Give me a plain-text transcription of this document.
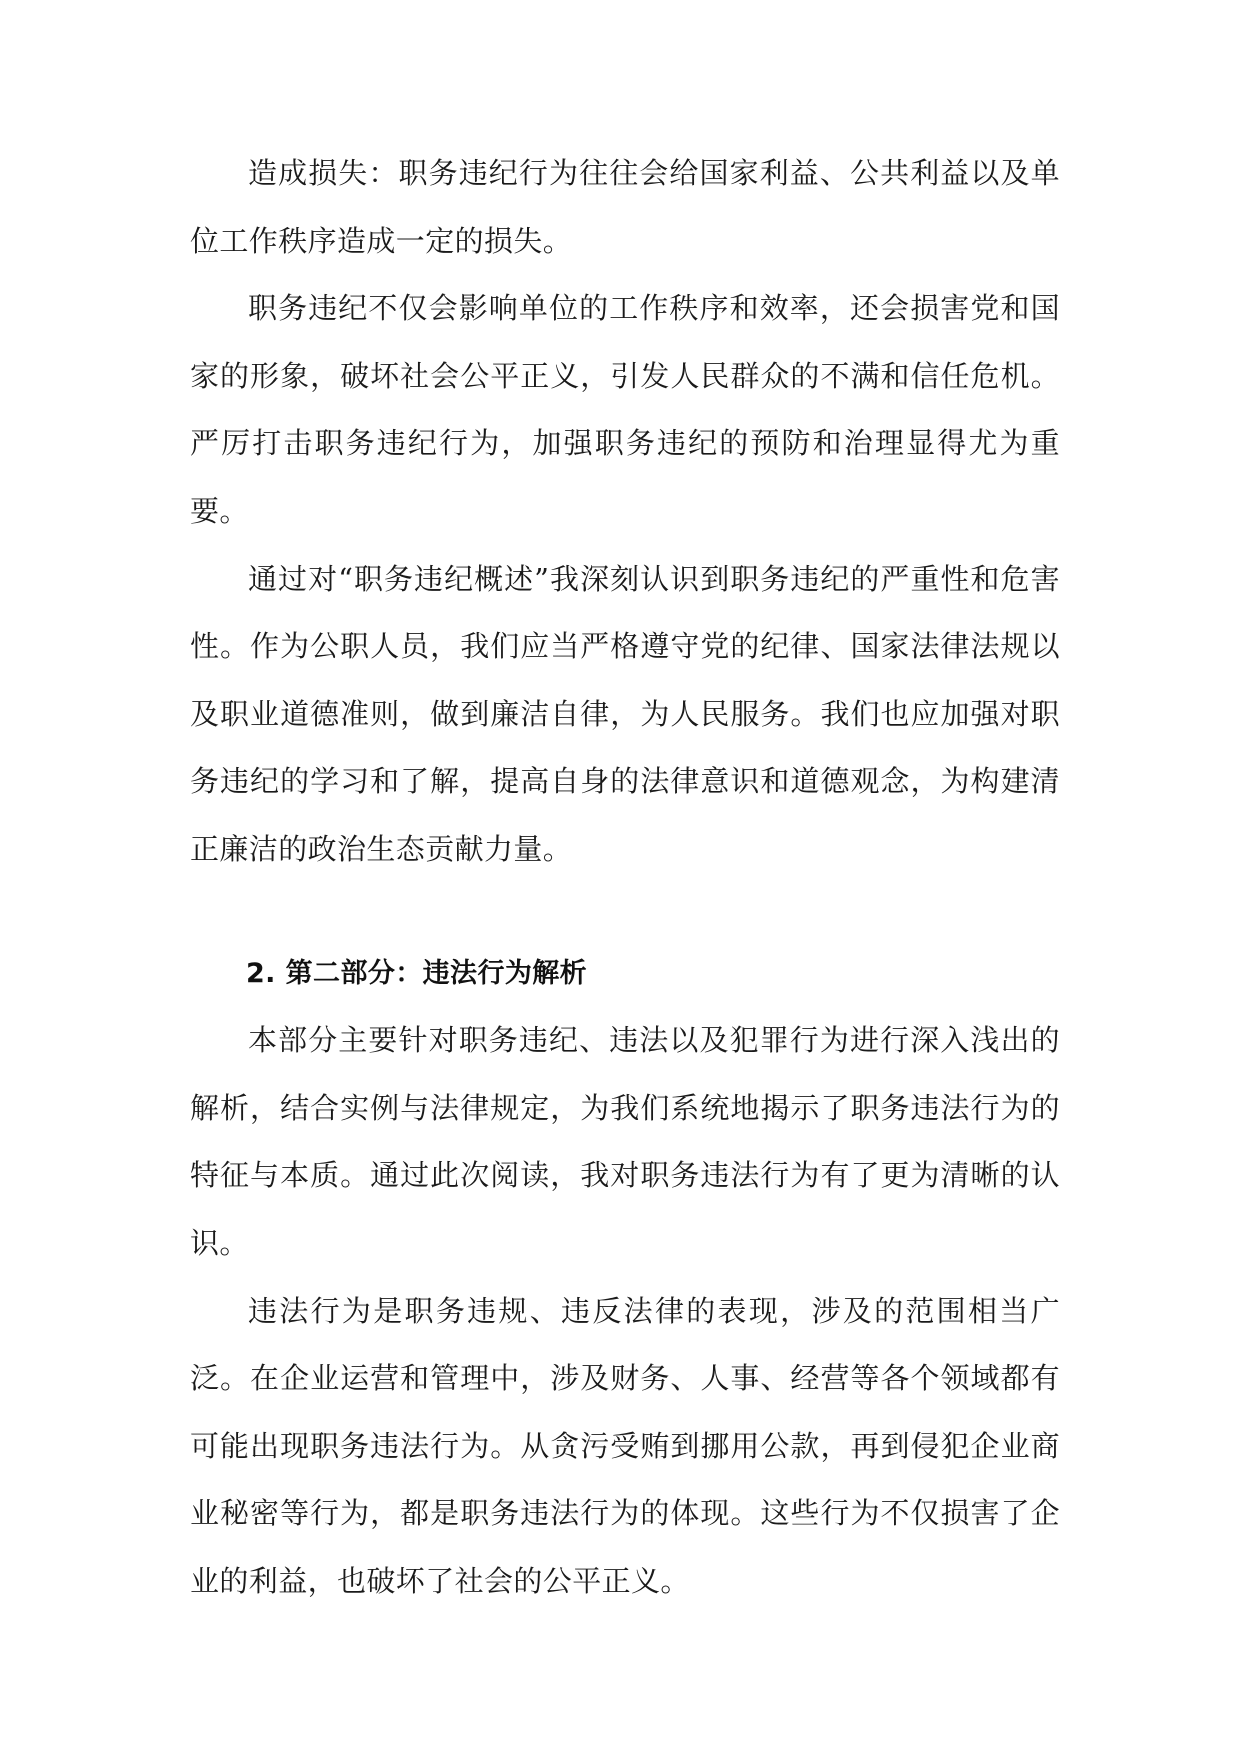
造成损失：职务违纪行为往往会给国家利益、公共利益以及单位工作秩序造成一定的损失。

职务违纪不仅会影响单位的工作秩序和效率，还会损害党和国家的形象，破坏社会公平正义，引发人民群众的不满和信任危机。严厉打击职务违纪行为，加强职务违纪的预防和治理显得尤为重要。

通过对“职务违纪概述”我深刻认识到职务违纪的严重性和危害性。作为公职人员，我们应当严格遵守党的纪律、国家法律法规以及职业道德准则，做到廉洁自律，为人民服务。我们也应加强对职务违纪的学习和了解，提高自身的法律意识和道德观念，为构建清正廉洁的政治生态贡献力量。

2. 第二部分：违法行为解析

本部分主要针对职务违纪、违法以及犯罪行为进行深入浅出的解析，结合实例与法律规定，为我们系统地揭示了职务违法行为的特征与本质。通过此次阅读，我对职务违法行为有了更为清晰的认识。

违法行为是职务违规、违反法律的表现，涉及的范围相当广泛。在企业运营和管理中，涉及财务、人事、经营等各个领域都有可能出现职务违法行为。从贪污受贿到挪用公款，再到侵犯企业商业秘密等行为，都是职务违法行为的体现。这些行为不仅损害了企业的利益，也破坏了社会的公平正义。
